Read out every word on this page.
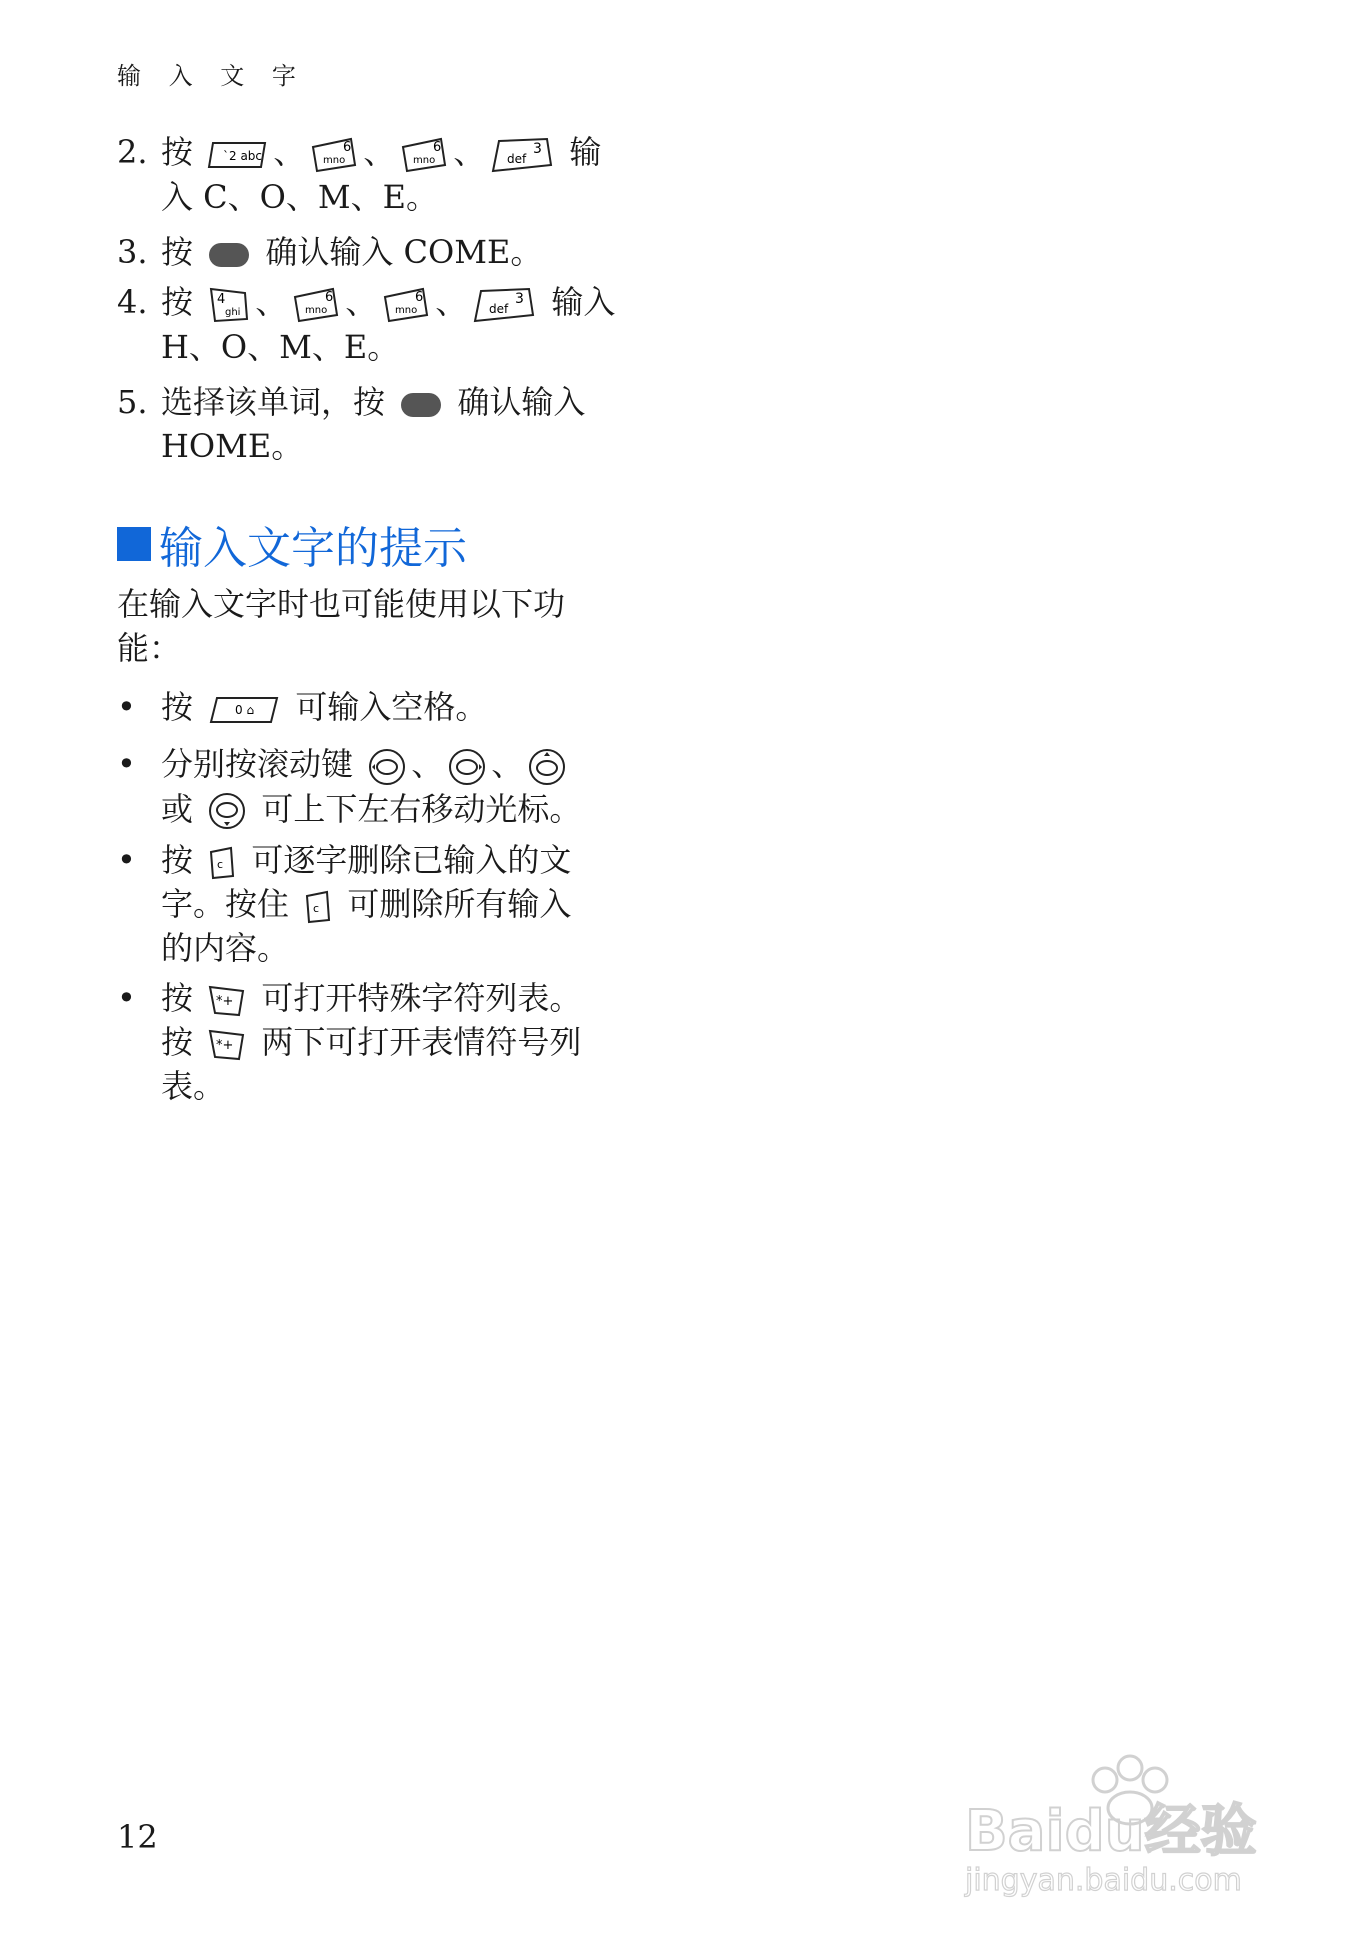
输 入 文 字
2. 按	`2 abc 、 mno
6 、 mno
6 、 def
3 输
入 C、O、M、E。
3. 按 确认输入 COME。
4. 按 4
ghi 、 mno
6 、 mno
6 、 def
3 输入
H、O、M、E。
5. 选择该单词，按 确认输入
HOME。
输入文字的提示
在输入文字时也可能使用以下功
能：
• 按	0 ⌂ 可输入空格。
• 分别按滚动键 、 、
或 可上下左右移动光标。
• 按 c 可逐字删除已输入的文
字。按住 c 可删除所有输入
的内容。
• 按 *+ 可打开特殊字符列表。
按 *+ 两下可打开表情符号列
表。
12	Baidu经验
jingyan.baidu.com
